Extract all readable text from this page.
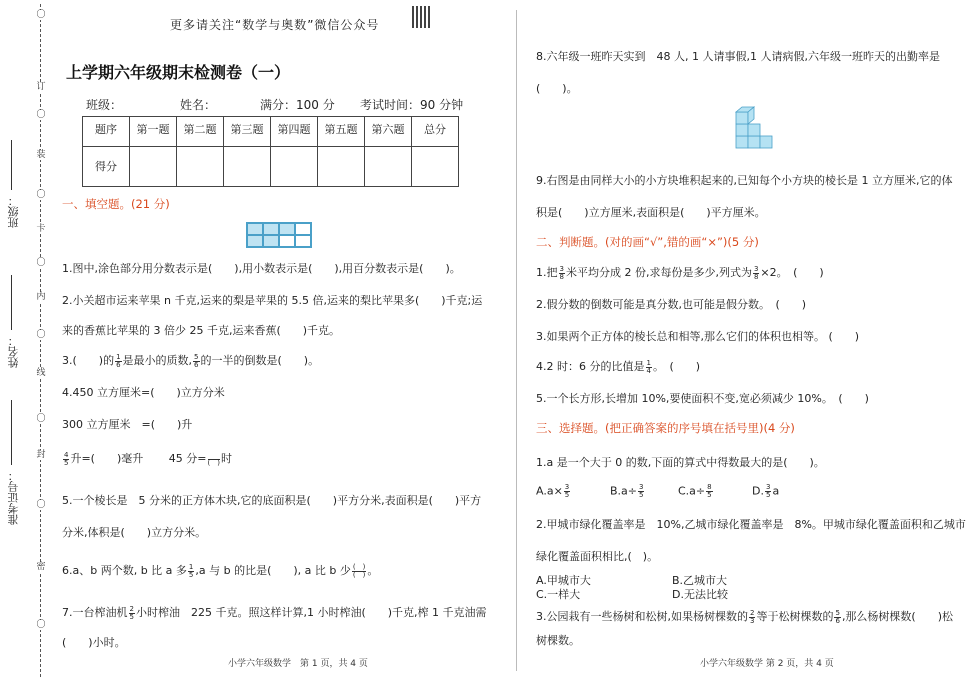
〇
订
〇
装
〇
卡
〇
内
〇
线
〇
封
〇
密
〇
班级：
姓名：
准考证号：
更多请关注“数学与奥数”微信公众号
上学期六年级期末检测卷（一）
班级：	姓名：	满分：100 分 考试时间：90 分钟
题序	第一题	第二题	第三题	第四题	第五题	第六题	总分
得分							
一、填空题。(21 分)
1.图中,涂色部分用分数表示是(　　),用小数表示是(　　),用百分数表示是(　　)。
2.小关超市运来苹果 n 千克,运来的梨是苹果的 5.5 倍,运来的梨比苹果多(　　)千克;运
来的香蕉比苹果的 3 倍少 25 千克,运来香蕉(　　)千克。
3.(　　)的 $\frac{1}{6}$ 是最小的质数, $\frac{5}{6}$ 的一半的倒数是(　　)。
4.450 立方厘米=(　　)立方分米
300 立方厘米　=(　　)升
$\frac{4}{5}$ 升=(　　)毫升 45 分=
　 (　) 时
5.一个棱长是　5 分米的正方体木块,它的底面积是(　　)平方分米,表面积是(　　)平方
分米,体积是(　　)立方分米。
6.a、b 两个数, b 比 a 多 $\frac{1}{5} ,a$ 与 b 的比是(　　), a 比 b 少 $\frac{( )}{( )}$ 。
7.一台榨油机 $\frac{2}{5}$ 小时榨油　225 千克。照这样计算,1 小时榨油(　　)千克,榨 1 千克油需
(　　)小时。
小学六年级数学　第 1 页，共 4 页
8.六年级一班昨天实到　48 人, 1 人请事假,1 人请病假,六年级一班昨天的出勤率是
(　　)。
9.右图是由同样大小的小方块堆积起来的,已知每个小方块的棱长是 1 立方厘米,它的体
积是(　　)立方厘米,表面积是(　　)平方厘米。
二、判断题。(对的画“√”,错的画“×”)(5 分)
1.把 $\frac{3}{8}$ 米平均分成 2 份,求每份是多少,列式为 $\frac{3}{8} \times 2$。　(　　)
2.假分数的倒数可能是真分数,也可能是假分数。　(　　)
3.如果两个正方体的棱长总和相等,那么它们的体积也相等。 (　　)
4.2 时：6 分的比值是 $\frac{1}{4}$ 。　(　　)
5.一个长方形,长增加 10%,要使面积不变,宽必须减少 10%。　(　　)
三、选择题。(把正确答案的序号填在括号里)(4 分)
1.a 是一个大于 0 的数,下面的算式中得数最大的是(　　)。
$A.a\times \frac{3}{5}$	$B.a\div \frac{3}{5}$	$C.a\div \frac{8}{5}$	D. $\frac{3}{5}$ a
2.甲城市绿化覆盖率是　10%,乙城市绿化覆盖率是　8%。甲城市绿化覆盖面积和乙城市
绿化覆盖面积相比,(　)。
A.甲城市大	B.乙城市大
C.一样大	D.无法比较
3.公园栽有一些杨树和松树,如果杨树棵数的 $\frac{2}{3}$ 等于松树棵数的 $\frac{5}{6}$ ,那么杨树棵数(　　)松
树棵数。
小学六年级数学 第 2 页，共 4 页
